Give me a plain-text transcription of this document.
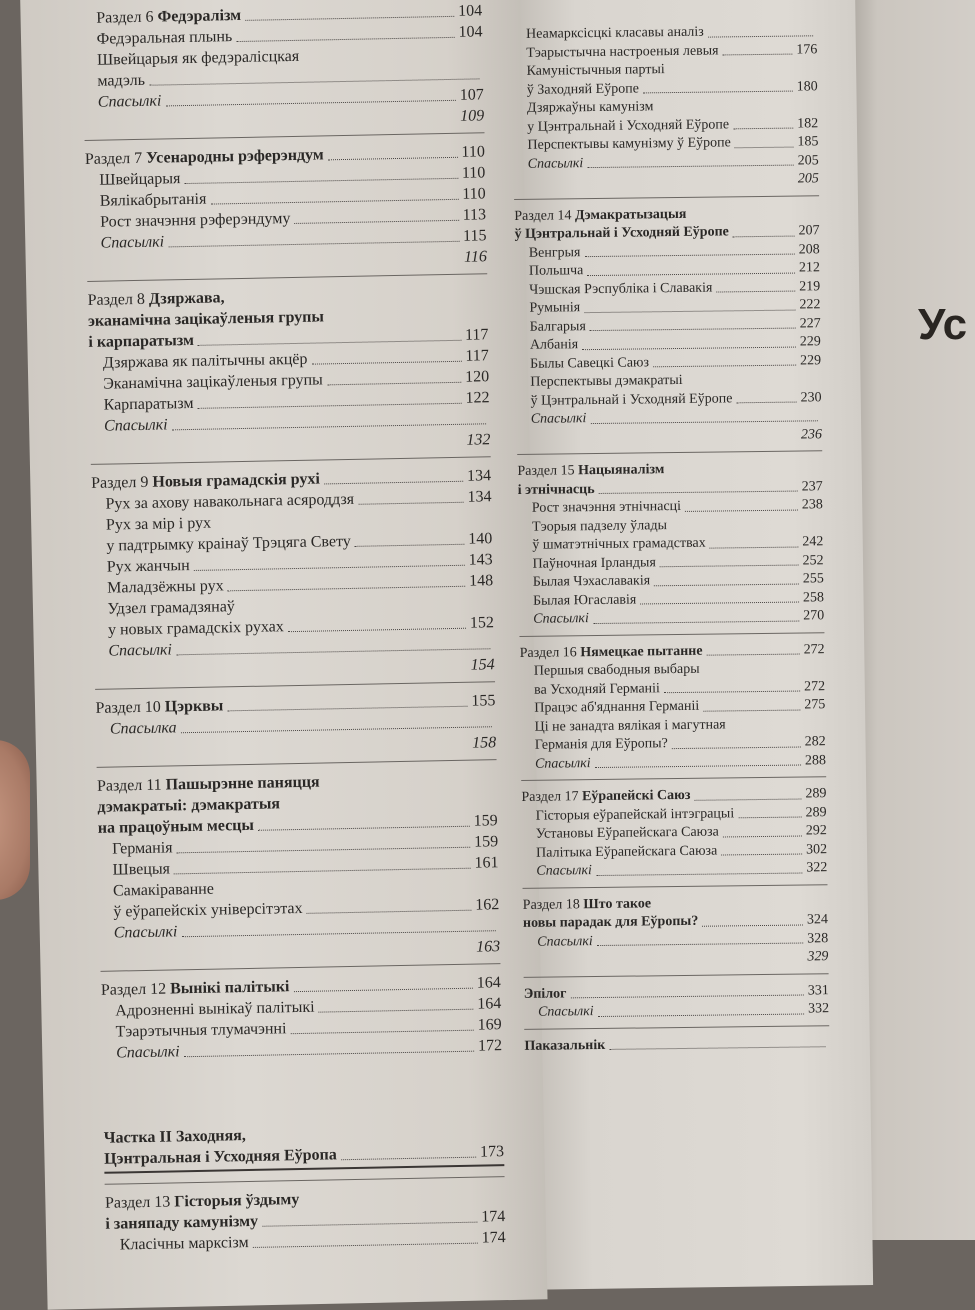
Ус
Раздел 6 Федэралізм	104
Федэральная плынь	104
Швейцарыя як федэралісцкая
мадэль
Спасылкі	107
109
Раздел 7 Усенародны рэферэндум	110
Швейцарыя	110
Вялікабрытанія	110
Рост значэння рэферэндуму	113
Спасылкі	115
116
Раздел 8 Дзяржава,
эканамічна зацікаўленыя групы
і карпаратызм	117
Дзяржава як палітычны акцёр	117
Эканамічна зацікаўленыя групы	120
Карпаратызм	122
Спасылкі
132
Раздел 9 Новыя грамадскія рухі	134
Рух за ахову навакольнага асяроддзя	134
Рух за мір і рух
у падтрымку краінаў Трэцяга Свету	140
Рух жанчын	143
Маладзёжны рух	148
Удзел грамадзянаў
у новых грамадскіх рухах	152
Спасылкі
154
Раздел 10 Цэрквы	155
Спасылка
158
Раздел 11 Пашырэнне паняцця
дэмакратыі: дэмакратыя
на працоўным месцы	159
Германія	159
Швецыя	161
Самакіраванне
ў еўрапейскіх універсітэтах	162
Спасылкі
163
Раздел 12 Вынікі палітыкі	164
Адрозненні вынікаў палітыкі	164
Тэарэтычныя тлумачэнні	169
Спасылкі	172
Частка II Заходняя,
Цэнтральная і Усходняя Еўропа	173
Раздел 13 Гісторыя ўздыму
і заняпаду камунізму	174
Класічны марксізм	174
Неамарксісцкі класавы аналіз
Тэарыстычна настроеныя левыя	176
Камуністычныя партыі
ў Заходняй Еўропе	180
Дзяржаўны камунізм
у Цэнтральнай і Усходняй Еўропе	182
Перспектывы камунізму ў Еўропе	185
Спасылкі	205
205
Раздел 14 Дэмакратызацыя
ў Цэнтральнай і Усходняй Еўропе	207
Венгрыя	208
Польшча	212
Чэшская Рэспубліка і Славакія	219
Румынія	222
Балгарыя	227
Албанія	229
Былы Савецкі Саюз	229
Перспектывы дэмакратыі
ў Цэнтральнай і Усходняй Еўропе	230
Спасылкі
236
Раздел 15 Нацыяналізм
і этнічнасць	237
Рост значэння этнічнасці	238
Тэорыя падзелу ўлады
ў шматэтнічных грамадствах	242
Паўночная Ірландыя	252
Былая Чэхаславакія	255
Былая Югаславія	258
Спасылкі	270
Раздел 16 Нямецкае пытанне	272
Першыя свабодныя выбары
ва Усходняй Германіі	272
Працэс аб'яднання Германіі	275
Ці не занадта вялікая і магутная
Германія для Еўропы?	282
Спасылкі	288
Раздел 17 Еўрапейскі Саюз	289
Гісторыя еўрапейскай інтэграцыі	289
Установы Еўрапейскага Саюза	292
Палітыка Еўрапейскага Саюза	302
Спасылкі	322
Раздел 18 Што такое
новы парадак для Еўропы?	324
Спасылкі	328
329
Эпілог	331
Спасылкі	332
Паказальнік
